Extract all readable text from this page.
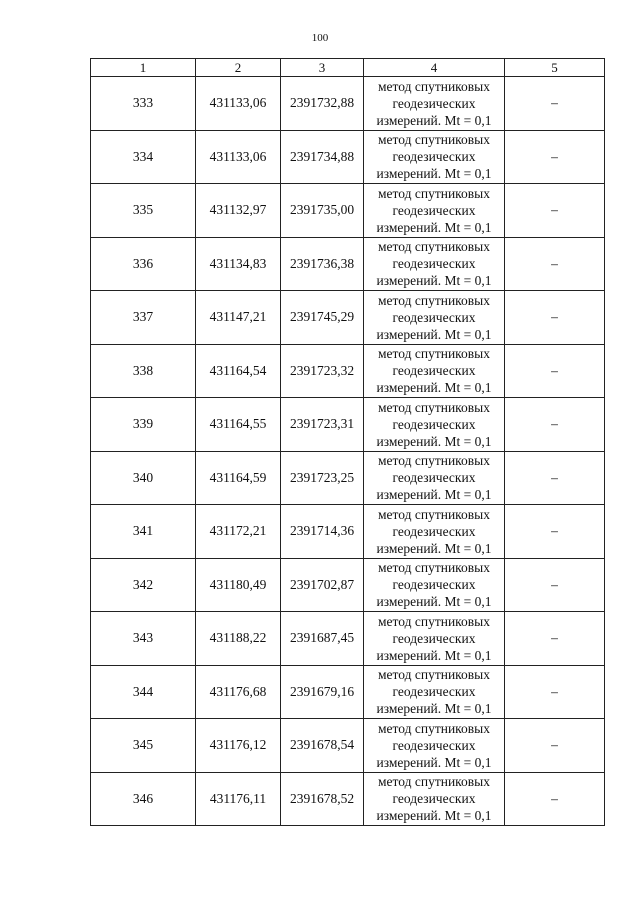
100
1	2	3	4	5
333	431133,06	2391732,88	метод спутниковых
геодезических
измерений. Mt = 0,1	–
334	431133,06	2391734,88	метод спутниковых
геодезических
измерений. Mt = 0,1	–
335	431132,97	2391735,00	метод спутниковых
геодезических
измерений. Mt = 0,1	–
336	431134,83	2391736,38	метод спутниковых
геодезических
измерений. Mt = 0,1	–
337	431147,21	2391745,29	метод спутниковых
геодезических
измерений. Mt = 0,1	–
338	431164,54	2391723,32	метод спутниковых
геодезических
измерений. Mt = 0,1	–
339	431164,55	2391723,31	метод спутниковых
геодезических
измерений. Mt = 0,1	–
340	431164,59	2391723,25	метод спутниковых
геодезических
измерений. Mt = 0,1	–
341	431172,21	2391714,36	метод спутниковых
геодезических
измерений. Mt = 0,1	–
342	431180,49	2391702,87	метод спутниковых
геодезических
измерений. Mt = 0,1	–
343	431188,22	2391687,45	метод спутниковых
геодезических
измерений. Mt = 0,1	–
344	431176,68	2391679,16	метод спутниковых
геодезических
измерений. Mt = 0,1	–
345	431176,12	2391678,54	метод спутниковых
геодезических
измерений. Mt = 0,1	–
346	431176,11	2391678,52	метод спутниковых
геодезических
измерений. Mt = 0,1	–
